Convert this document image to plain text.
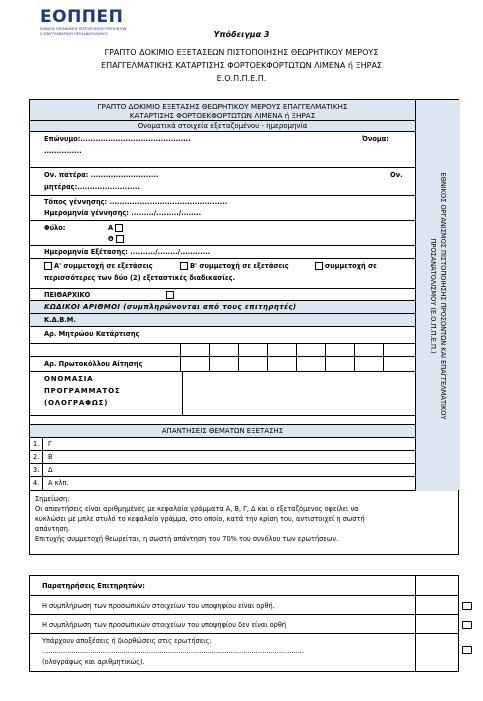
ΕΟΠΠΕΠ
ΕΘΝΙΚΟΣ ΟΡΓΑΝΙΣΜΟΣ ΠΙΣΤΟΠΟΙΗΣΗΣ ΠΡΟΣΟΝΤΩΝ
& ΕΠΑΓΓΕΛΜΑΤΙΚΟΥ ΠΡΟΣΑΝΑΤΟΛΙΣΜΟΥ	Υπόδειγμα 3
ΓΡΑΠΤΟ ΔΟΚΙΜΙΟ ΕΞΕΤΑΣΕΩΝ ΠΙΣΤΟΠΟΙΗΣΗΣ ΘΕΩΡΗΤΙΚΟΥ ΜΕΡΟΥΣ
ΕΠΑΓΓΕΛΜΑΤΙΚΗΣ ΚΑΤΑΡΤΙΣΗΣ ΦΟΡΤΟΕΚΦΟΡΤΩΤΩΝ ΛΙΜΕΝΑ ή ΞΗΡΑΣ
Ε.Ο.Π.Π.Ε.Π.
ΓΡΑΠΤΟ ΔΟΚΙΜΙΟ ΕΞΕΤΑΣΗΣ ΘΕΩΡΗΤΙΚΟΥ ΜΕΡΟΥΣ ΕΠΑΓΓΕΛΜΑΤΙΚΗΣ
ΚΑΤΑΡΤΙΣΗΣ ΦΟΡΤΟΕΚΦΟΡΤΩΤΩΝ ΛΙΜΕΝΑ ή ΞΗΡΑΣ
Ονοματικά στοιχεία εξεταζομένου - ημερομηνία
Επώνυμο:............................................	Όνομα:
...............
Ον. πατέρα: ...........................	Ον.
μητέρας:.........................
Τόπος γέννησης: ...............................................
Ημερομηνία γέννησης: ........./........./........
Φύλο:	Α
Θ
Ημερομηνία Εξέτασης: ........../......../............
Α' συμμετοχή σε εξετάσεις	Β' συμμετοχή σε εξετάσεις	συμμετοχή σε
περισσότερες των δύο (2) εξεταστικές διαδικασίες.
ΠΕΙΘΑΡΧΙΚΟ
ΚΩΔΙΚΟΙ ΑΡΙΘΜΟΙ (συμπληρώνονται από τους επιτηρητές)
Κ.Δ.Β.Μ.
Αρ. Μητρώου Κατάρτισης
Αρ. Πρωτοκόλλου Αίτησης
ΟΝΟΜΑΣΙΑ
ΠΡΟΓΡΑΜΜΑΤΟΣ
(ΟΛΟΓΡΑΦΩΣ)
ΑΠΑΝΤΗΣΕΙΣ ΘΕΜΑΤΩΝ ΕΞΕΤΑΣΗΣ
1. Γ
2. Β
3. Δ
4. Α κλπ.
ΕΘΝΙΚΟΣ ΟΡΓΑΝΙΣΜΟΣ ΠΙΣΤΟΠΟΙΗΣΗΣ ΠΡΟΣΟΝΤΩΝ ΚΑΙ ΕΠΑΓΓΕΛΜΑΤΙΚΟΥ
ΠΡΟΣΑΝΑΤΟΛΙΣΜΟΥ (Ε.Ο.Π.Π.Ε.Π.)
Σημείωση:
Οι απαντήσεις είναι αριθμημένες με κεφαλαία γράμματα Α, Β, Γ, Δ και ο εξεταζόμενος οφείλει να
κυκλώσει με μπλε στυλό το κεφαλαίο γράμμα, στο οποίο, κατά την κρίση του, αντιστοιχεί η σωστή
απάντηση.
Επιτυχής συμμετοχή θεωρείται, η σωστή απάντηση του 70% του συνόλου των ερωτήσεων.
Παρατηρήσεις Επιτηρητών:
Η συμπλήρωση των προσωπικών στοιχείων του υποψηφίου είναι ορθή.
Η συμπλήρωση των προσωπικών στοιχείων του υποψηφίου δεν είναι ορθή
Υπάρχουν αποξέσεις ή διορθώσεις στις ερωτήσεις:
.............................................................................................................................
(ολογράφως και αριθμητικώς).
